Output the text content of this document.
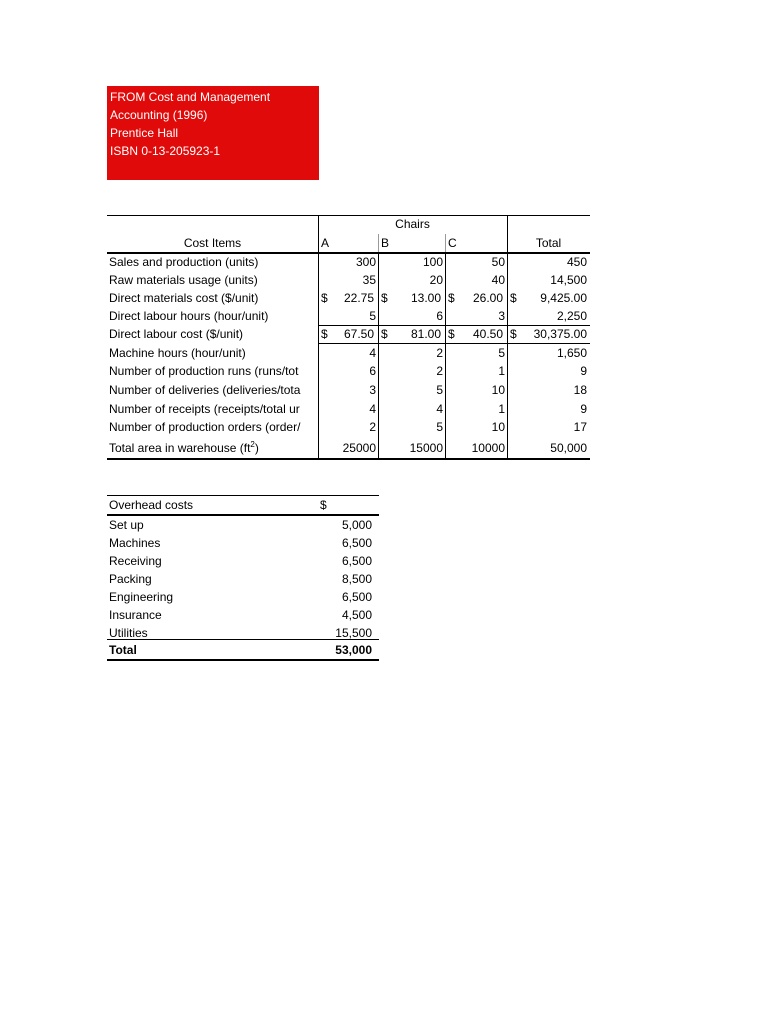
FROM Cost and Management
Accounting (1996)
Prentice Hall
ISBN 0-13-205923-1
Chairs
Cost Items	A	B	C	Total
Sales and production (units)	300	100	50	450
Raw materials usage (units)	35	20	40	14,500
Direct materials cost ($/unit)	$ 22.75 $ 13.00 $ 26.00 $ 9,425.00
Direct labour hours (hour/unit)	5	6	3	2,250
Direct labour cost ($/unit)	$ 67.50 $ 81.00 $ 40.50 $ 30,375.00
Machine hours (hour/unit)	4	2	5	1,650
Number of production runs (runs/tot	6	2	1	9
Number of deliveries (deliveries/tota	3	5	10	18
Number of receipts (receipts/total ur	4	4	1	9
Number of production orders (order/	2	5	10	17
Total area in warehouse $(ft^2)$	25000	15000	10000	50,000
Overhead costs	$
Set up	5,000
Machines	6,500
Receiving	6,500
Packing	8,500
Engineering	6,500
Insurance	4,500
Utilities	15,500
Total	53,000
